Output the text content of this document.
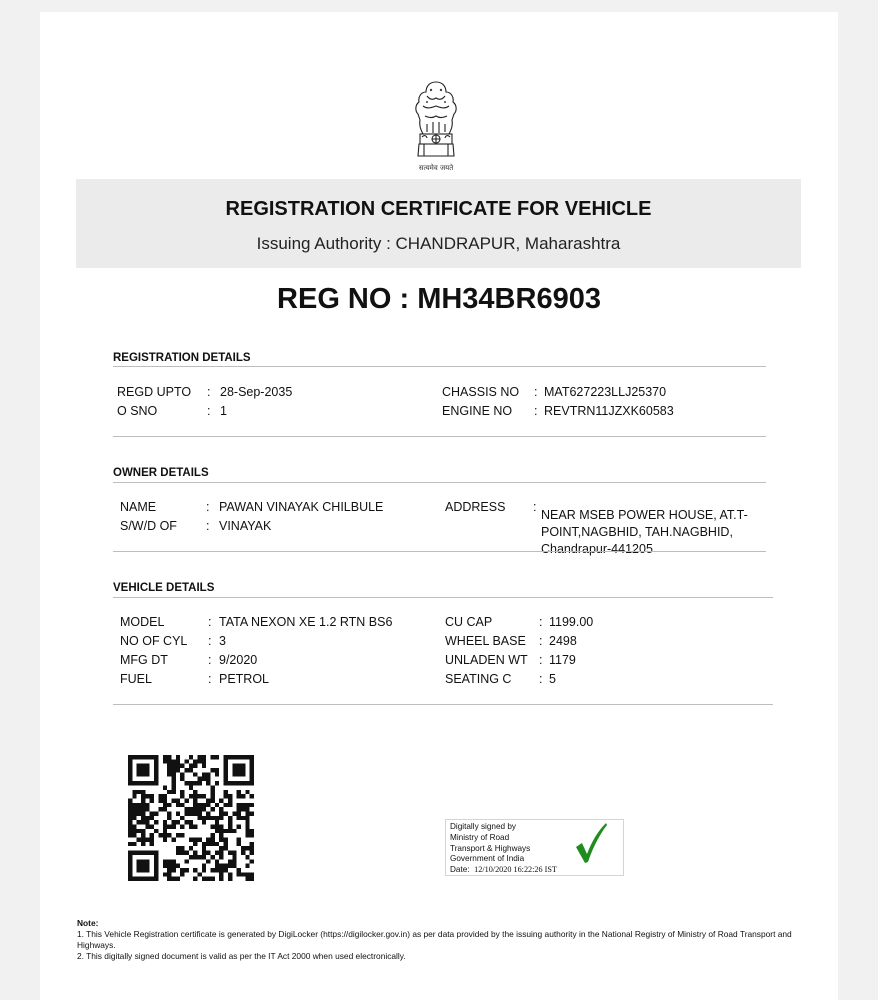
सत्यमेव जयते
REGISTRATION CERTIFICATE FOR VEHICLE
Issuing Authority : CHANDRAPUR, Maharashtra
REG NO : MH34BR6903
REGISTRATION DETAILS
REGD UPTO : 28-Sep-2035
O SNO	: 1
CHASSIS NO : MAT627223LLJ25370
ENGINE NO : REVTRN11JZXK60583
OWNER DETAILS
NAME	: PAWAN VINAYAK CHILBULE
S/W/D OF : VINAYAK
ADDRESS :
NEAR MSEB POWER HOUSE, AT.T-POINT,NAGBHID, TAH.NAGBHID, Chandrapur-441205
VEHICLE DETAILS
MODEL	: TATA NEXON XE 1.2 RTN BS6
NO OF CYL : 3
MFG DT	: 9/2020
FUEL	: PETROL
CU CAP	: 1199.00
WHEEL BASE : 2498
UNLADEN WT : 1179
SEATING C : 5
Digitally signed by
Ministry of Road
Transport & Highways
Government of India
Date: 12/10/2020 16:22:26 IST
Note:
1. This Vehicle Registration certificate is generated by DigiLocker (https://digilocker.gov.in) as per data provided by the issuing authority in the National Registry of Ministry of Road Transport and Highways.
2. This digitally signed document is valid as per the IT Act 2000 when used electronically.
